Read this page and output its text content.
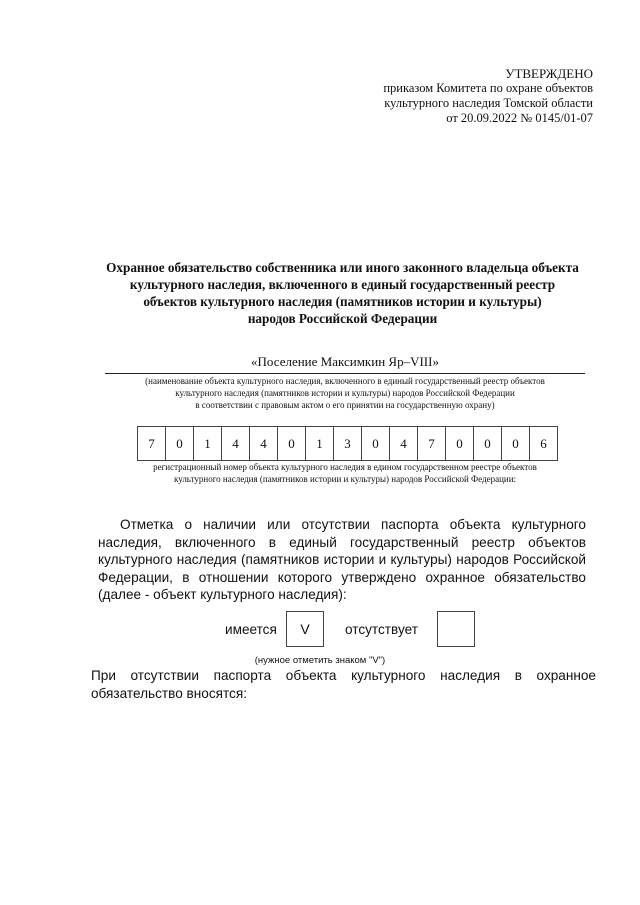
УТВЕРЖДЕНО
приказом Комитета по охране объектов
культурного наследия Томской области
от 20.09.2022 № 0145/01-07
Охранное обязательство собственника или иного законного владельца объекта
культурного наследия, включенного в единый государственный реестр
объектов культурного наследия (памятников истории и культуры)
народов Российской Федерации
«Поселение Максимкин Яр–VIII»
(наименование объекта культурного наследия, включенного в единый государственный реестр объектов
культурного наследия (памятников истории и культуры) народов Российской Федерации
в соответствии с правовым актом о его принятии на государственную охрану)
7	0	1	4	4	0	1	3	0	4	7	0	0	0	6
регистрационный номер объекта культурного наследия в едином государственном реестре объектов
культурного наследия (памятников истории и культуры) народов Российской Федерации:
Отметка о наличии или отсутствии паспорта объекта культурного наследия, включенного в единый государственный реестр объектов культурного наследия (памятников истории и культуры) народов Российской Федерации, в отношении которого утверждено охранное обязательство (далее - объект культурного наследия):
имеется	V	отсутствует
(нужное отметить знаком "V")
При отсутствии паспорта объекта культурного наследия в охранное обязательство вносятся:
